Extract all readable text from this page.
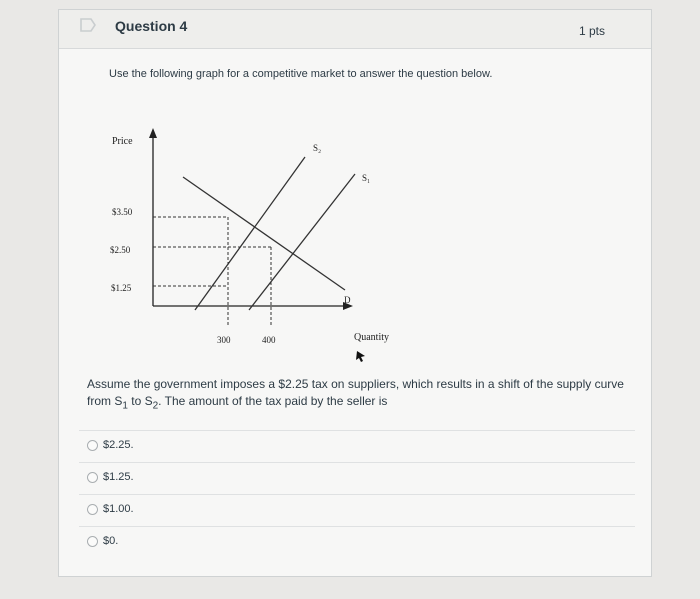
Question 4	1 pts
Use the following graph for a competitive market to answer the question below.
Price
Quantity
$3.50
$2.50
$1.25
300	400
S₂
S₁
D
Assume the government imposes a $2.25 tax on suppliers, which results in a shift of the supply curve from $S_1$ to $S_2$. The amount of the tax paid by the seller is
$2.25.
$1.25.
$1.00.
$0.
